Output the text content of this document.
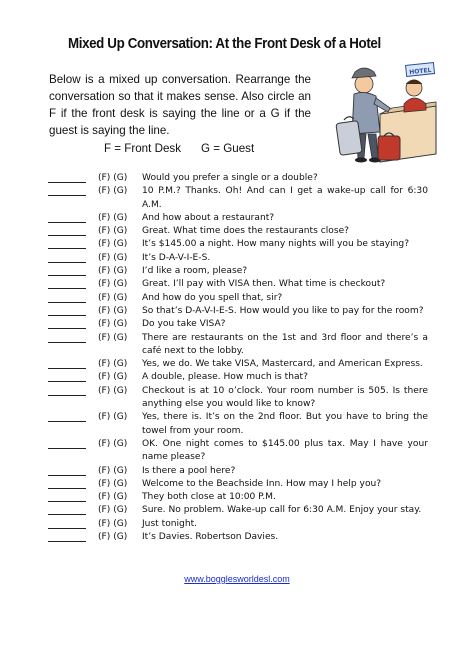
Mixed Up Conversation: At the Front Desk of a Hotel
Below is a mixed up conversation. Rearrange the conversation so that it makes sense. Also circle an F if the front desk is saying the line or a G if the guest is saying the line.
F = Front Desk G = Guest
HOTEL
(F) (G)	Would you prefer a single or a double?
(F) (G)	10 P.M.? Thanks. Oh! And can I get a wake-up call for 6:30 A.M.
(F) (G)	And how about a restaurant?
(F) (G)	Great. What time does the restaurants close?
(F) (G)	It’s $145.00 a night. How many nights will you be staying?
(F) (G)	It’s D-A-V-I-E-S.
(F) (G)	I’d like a room, please?
(F) (G)	Great. I’ll pay with VISA then. What time is checkout?
(F) (G)	And how do you spell that, sir?
(F) (G)	So that’s D-A-V-I-E-S. How would you like to pay for the room?
(F) (G)	Do you take VISA?
(F) (G)	There are restaurants on the 1st and 3rd floor and there’s a café next to the lobby.
(F) (G)	Yes, we do. We take VISA, Mastercard, and American Express.
(F) (G)	A double, please. How much is that?
(F) (G)	Checkout is at 10 o’clock. Your room number is 505. Is there anything else you would like to know?
(F) (G)	Yes, there is. It’s on the 2nd floor. But you have to bring the towel from your room.
(F) (G)	OK. One night comes to $145.00 plus tax. May I have your name please?
(F) (G)	Is there a pool here?
(F) (G)	Welcome to the Beachside Inn. How may I help you?
(F) (G)	They both close at 10:00 P.M.
(F) (G)	Sure. No problem. Wake-up call for 6:30 A.M. Enjoy your stay.
(F) (G)	Just tonight.
(F) (G)	It’s Davies. Robertson Davies.
www.bogglesworldesl.com
